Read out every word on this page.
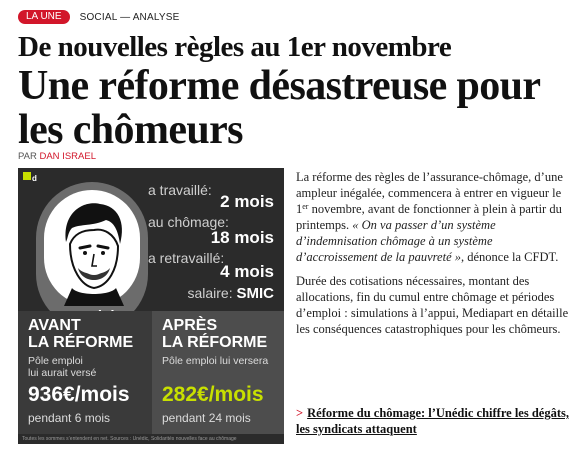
LA UNE	SOCIAL — ANALYSE
De nouvelles règles au 1er novembre
Une réforme désastreuse pour les chômeurs
PAR DAN ISRAEL
d
a travaillé:
2 mois
au chômage:
18 mois
a retravaillé:
4 mois
salaire: SMIC
AVANT
LA RÉFORME
Pôle emploi
lui aurait versé
936€/mois
pendant 6 mois
APRÈS
LA RÉFORME
Pôle emploi lui versera
282€/mois
pendant 24 mois
Toutes les sommes s’entendent en net. Sources : Unédic, Solidarités nouvelles face au chômage

La réforme des règles de l’assurance-chômage, d’une ampleur inégalée, commencera à entrer en vigueur le 1er novembre, avant de fonctionner à plein à partir du printemps. « On va passer d’un système d’indemnisation chômage à un système d’accroissement de la pauvreté », dénonce la CFDT.

Durée des cotisations nécessaires, montant des allocations, fin du cumul entre chômage et périodes d’emploi : simulations à l’appui, Mediapart en détaille les conséquences catastrophiques pour les chômeurs.

> Réforme du chômage: l’Unédic chiffre les dégâts, les syndicats attaquent
